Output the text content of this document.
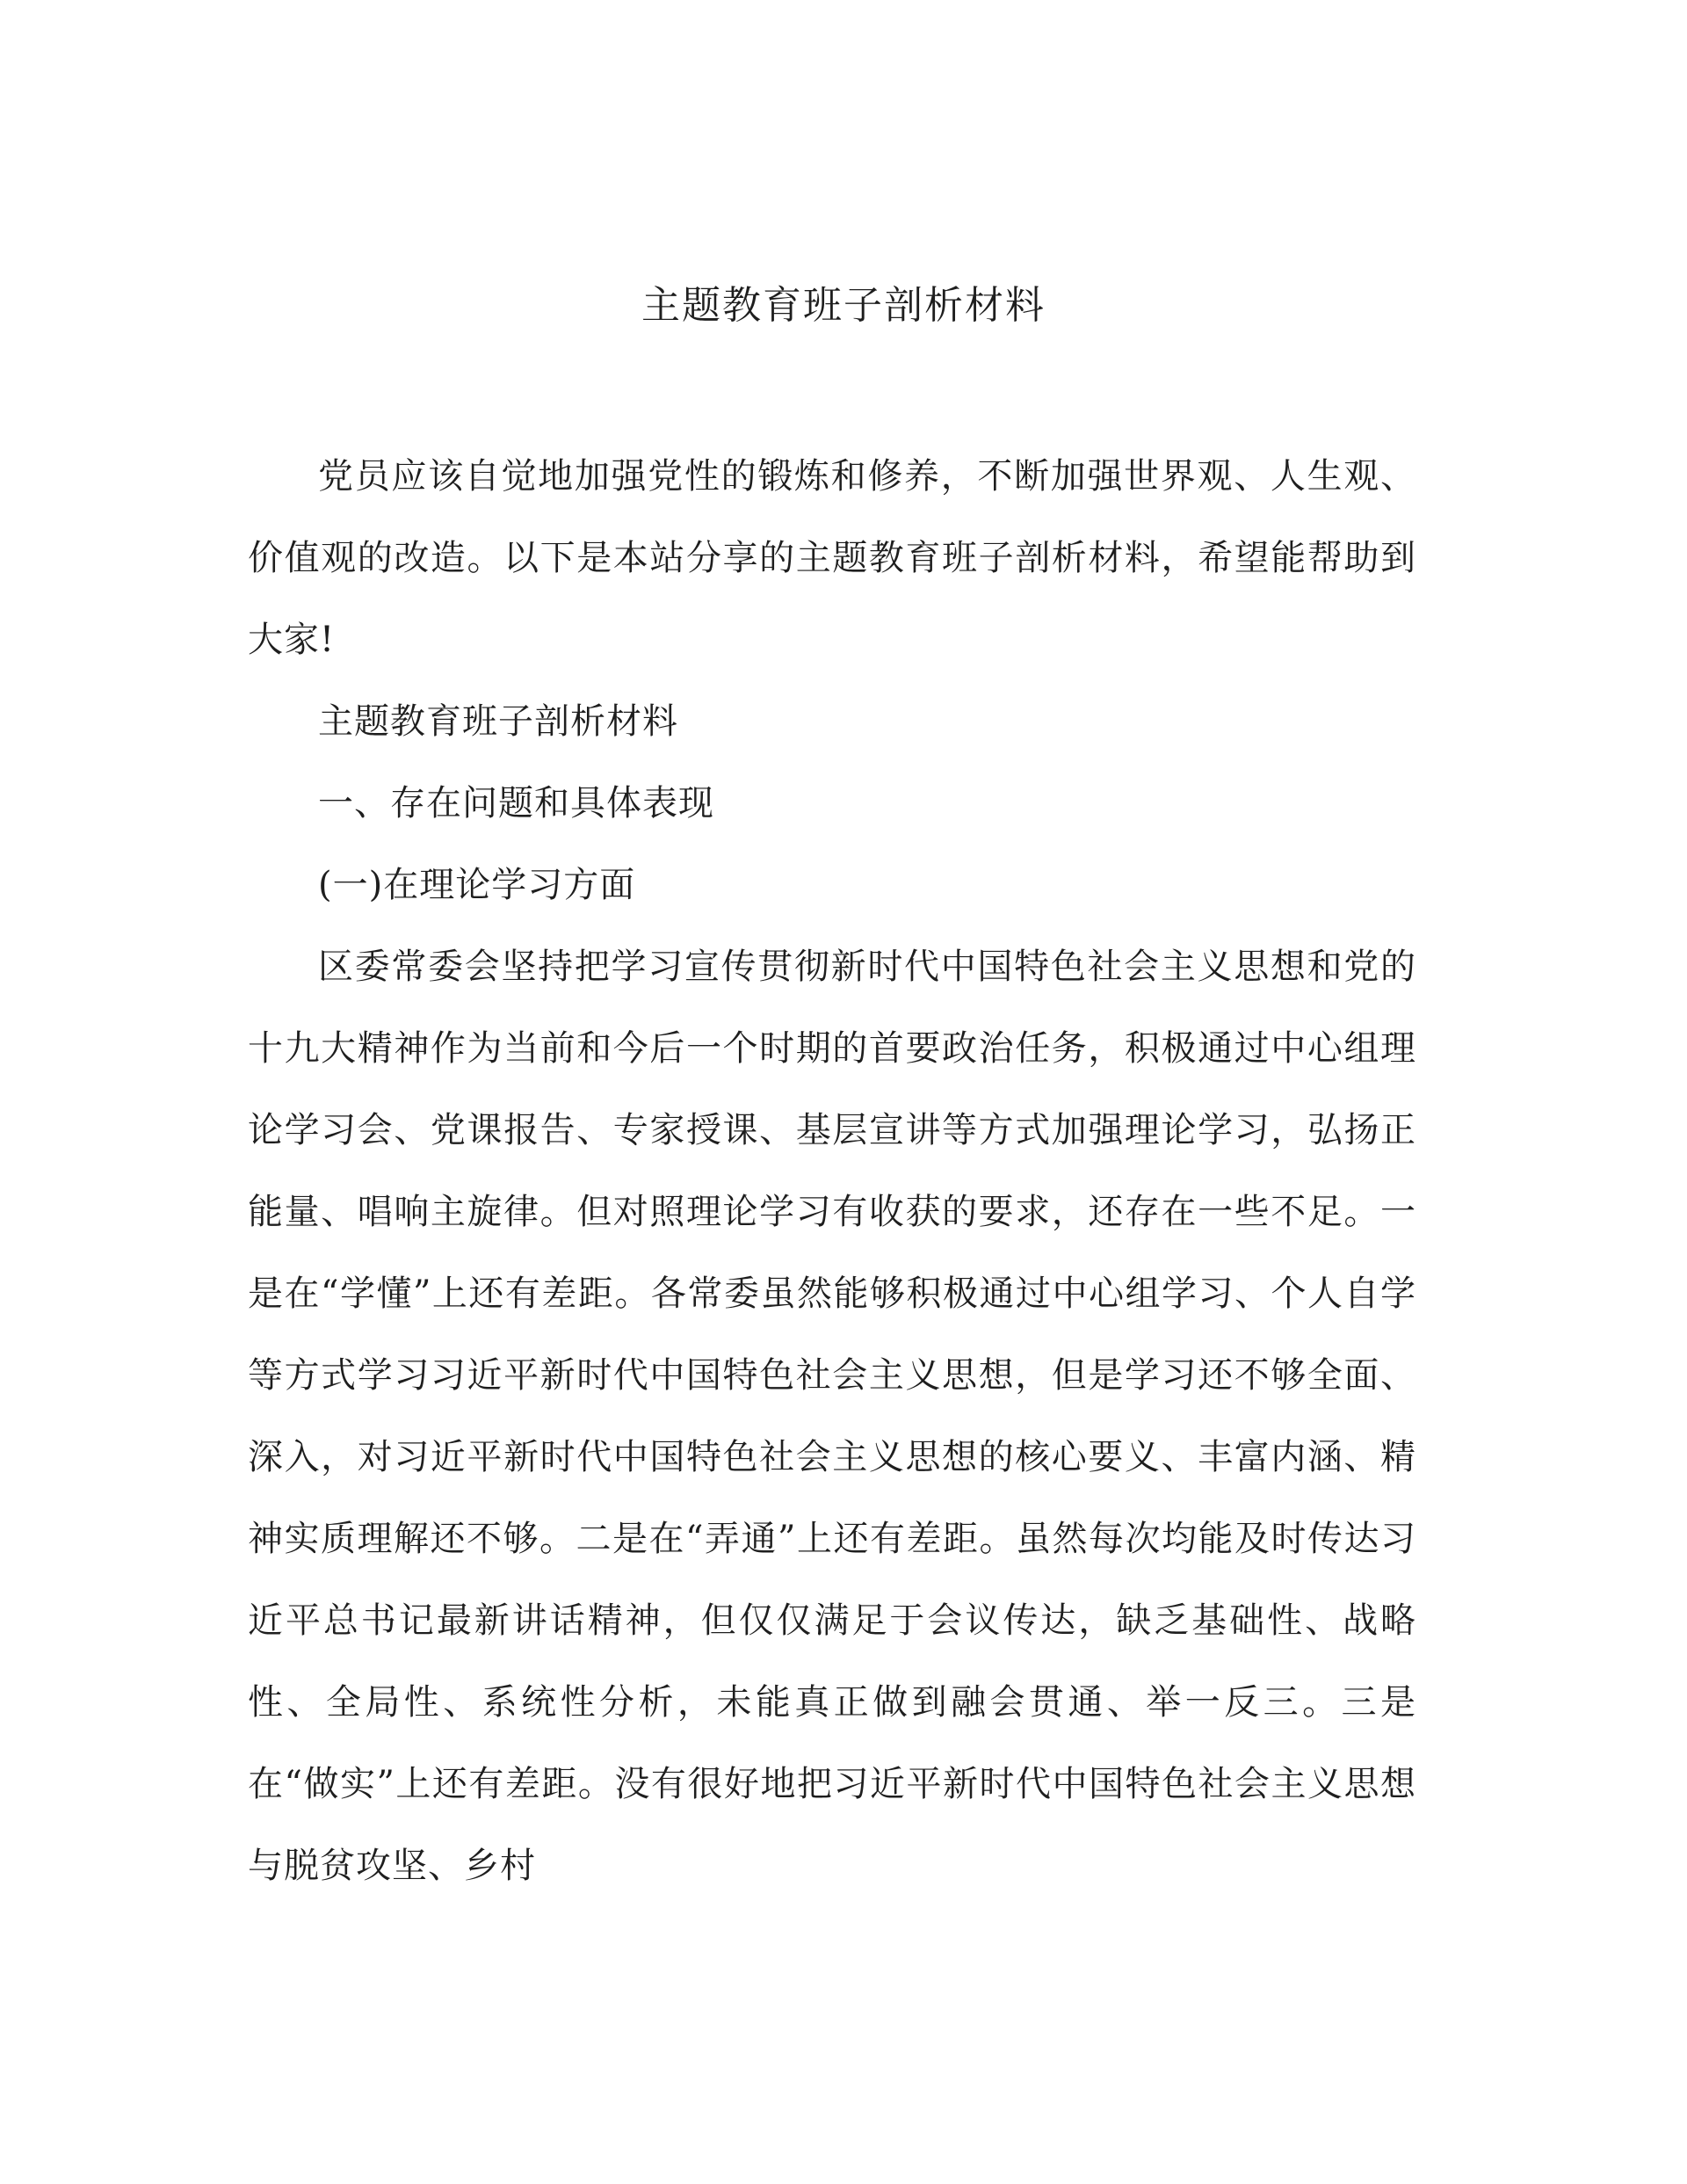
主题教育班子剖析材料

党员应该自觉地加强党性的锻炼和修养，不断加强世界观、人生观、价值观的改造。以下是本站分享的主题教育班子剖析材料，希望能帮助到大家!

主题教育班子剖析材料

一、存在问题和具体表现

(一)在理论学习方面

区委常委会坚持把学习宣传贯彻新时代中国特色社会主义思想和党的十九大精神作为当前和今后一个时期的首要政治任务，积极通过中心组理论学习会、党课报告、专家授课、基层宣讲等方式加强理论学习，弘扬正能量、唱响主旋律。但对照理论学习有收获的要求，还存在一些不足。一是在“学懂”上还有差距。各常委虽然能够积极通过中心组学习、个人自学等方式学习习近平新时代中国特色社会主义思想，但是学习还不够全面、深入，对习近平新时代中国特色社会主义思想的核心要义、丰富内涵、精神实质理解还不够。二是在“弄通”上还有差距。虽然每次均能及时传达习近平总书记最新讲话精神，但仅仅满足于会议传达，缺乏基础性、战略性、全局性、系统性分析，未能真正做到融会贯通、举一反三。三是在“做实”上还有差距。没有很好地把习近平新时代中国特色社会主义思想与脱贫攻坚、乡村
